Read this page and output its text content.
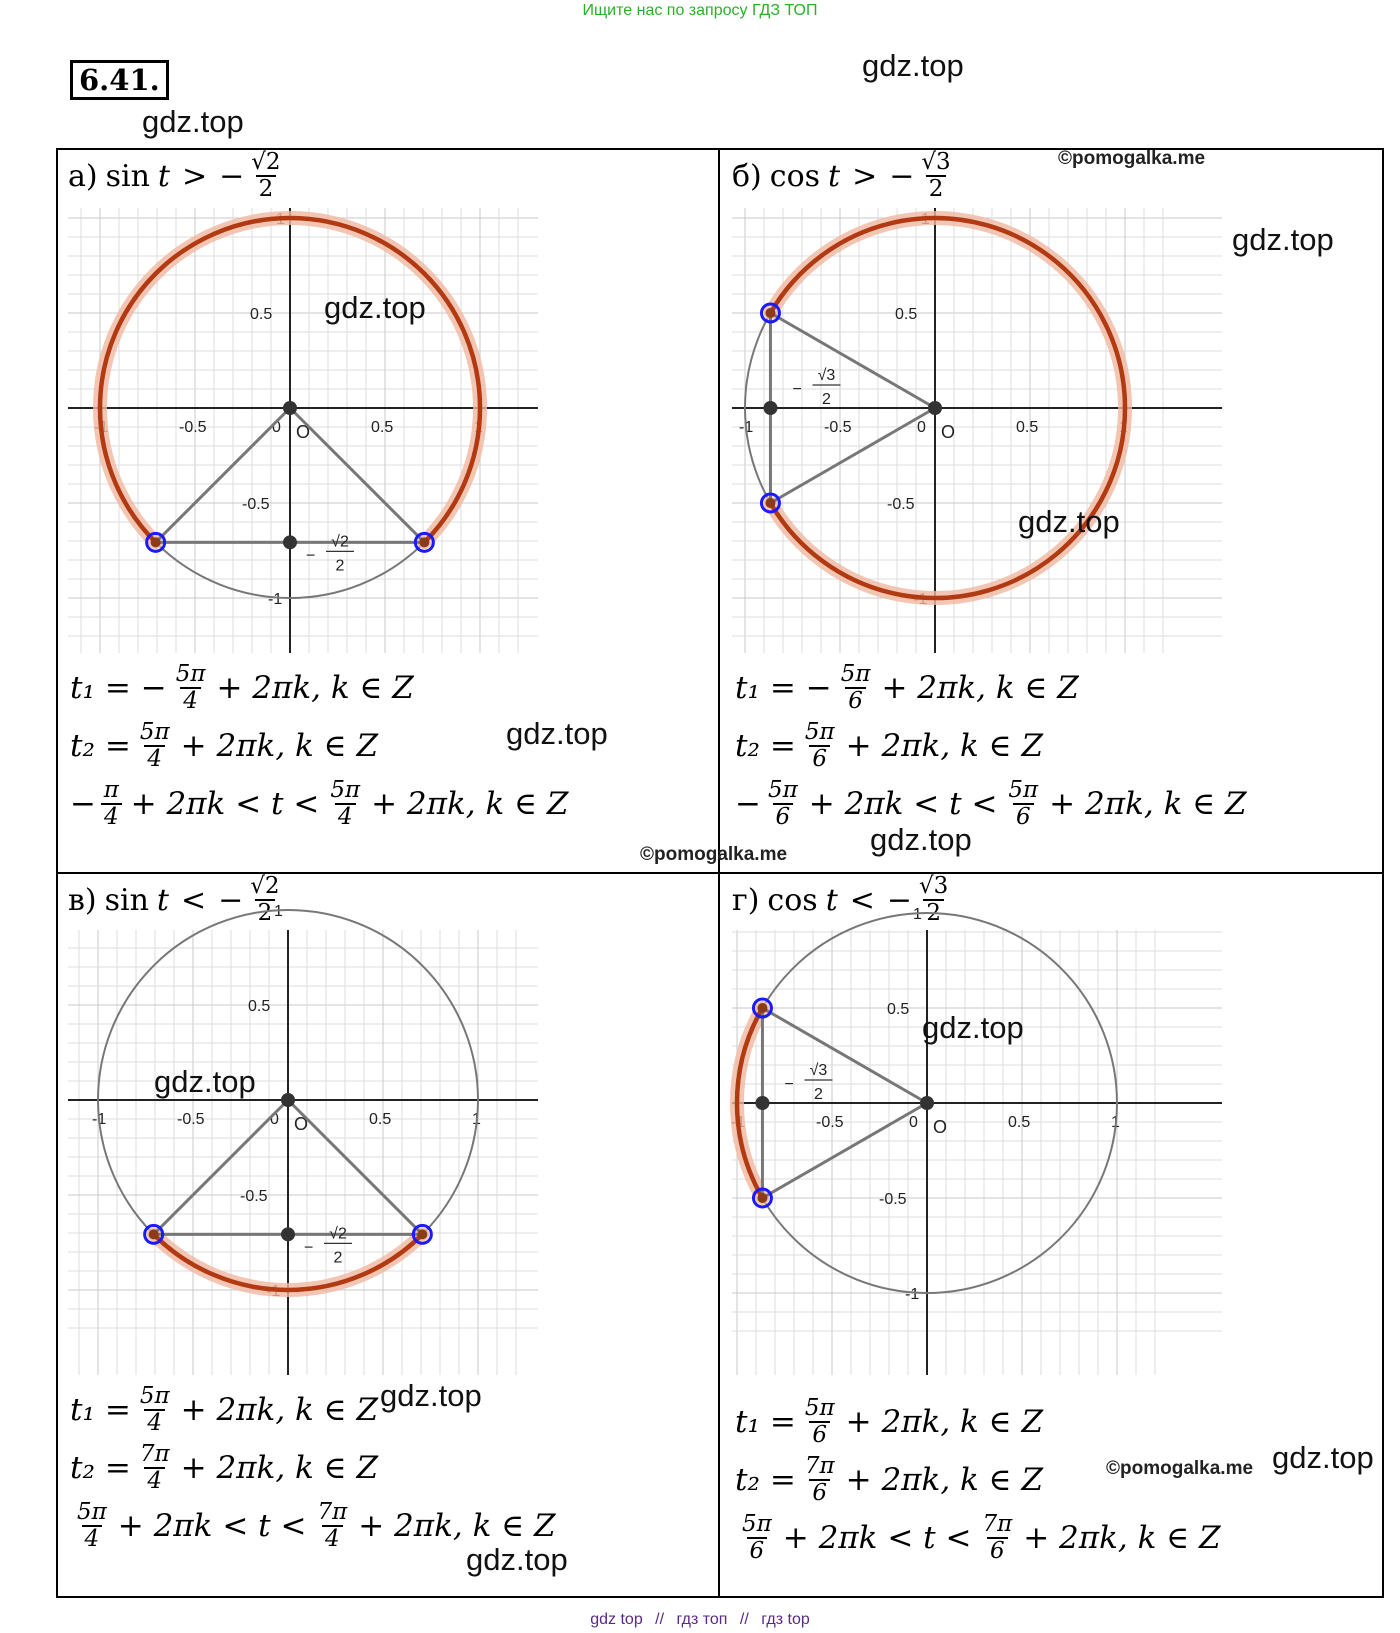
Ищите нас по запросу ГДЗ ТОП
6.41.
а) sin t > − $\frac{√2}{2}$	б) cos t > − $\frac{√3}{2}$
в) sin t < − $\frac{√2}{2}$	г) cos t < − $\frac{√3}{2}$
-1	-0.5	0 O	0.5	1
0.5
-0.5
1
-1
−
√2
2
-1	-0.5	0 O	0.5	1
0.5
-0.5
1
-1
−
√3
2
-1	-0.5	0 O	0.5	1
0.5
-0.5
1
-1
−
√2
2
-1	-0.5	0 O	0.5	1
0.5
-0.5
1
-1
−
√3
2
t₁ = − $\frac{5\pi}{4} + 2\pi k$, k ∈ Z
$t_2 = \frac{5\pi}{4} + 2\pi k$, k ∈ Z
− $\frac{\pi}{4} + 2\pi k < t < \frac{5\pi}{4} + 2\pi k$, k ∈ Z
t₁ = − $\frac{5\pi}{6} + 2\pi k$, k ∈ Z
$t_2 = \frac{5\pi}{6} + 2\pi k$, k ∈ Z
− $\frac{5\pi}{6} + 2\pi k < t < \frac{5\pi}{6} + 2\pi k$, k ∈ Z
$t_1 = \frac{5\pi}{4} + 2\pi k$, k ∈ Z
$t_2 = \frac{7\pi}{4} + 2\pi k$, k ∈ Z
$\frac{5\pi}{4} + 2\pi k < t < \frac{7\pi}{4} + 2\pi k$, k ∈ Z
$t_1 = \frac{5\pi}{6} + 2\pi k$, k ∈ Z
$t_2 = \frac{7\pi}{6} + 2\pi k$, k ∈ Z
$\frac{5\pi}{6} + 2\pi k < t < \frac{7\pi}{6} + 2\pi k$, k ∈ Z
gdz.top
gdz.top
gdz.top
gdz.top
gdz.top
gdz.top
gdz.top
gdz.top
gdz.top
gdz.top
gdz.top
gdz.top
©pomogalka.me
©pomogalka.me
©pomogalka.me
gdz top // гдз топ // гдз top
